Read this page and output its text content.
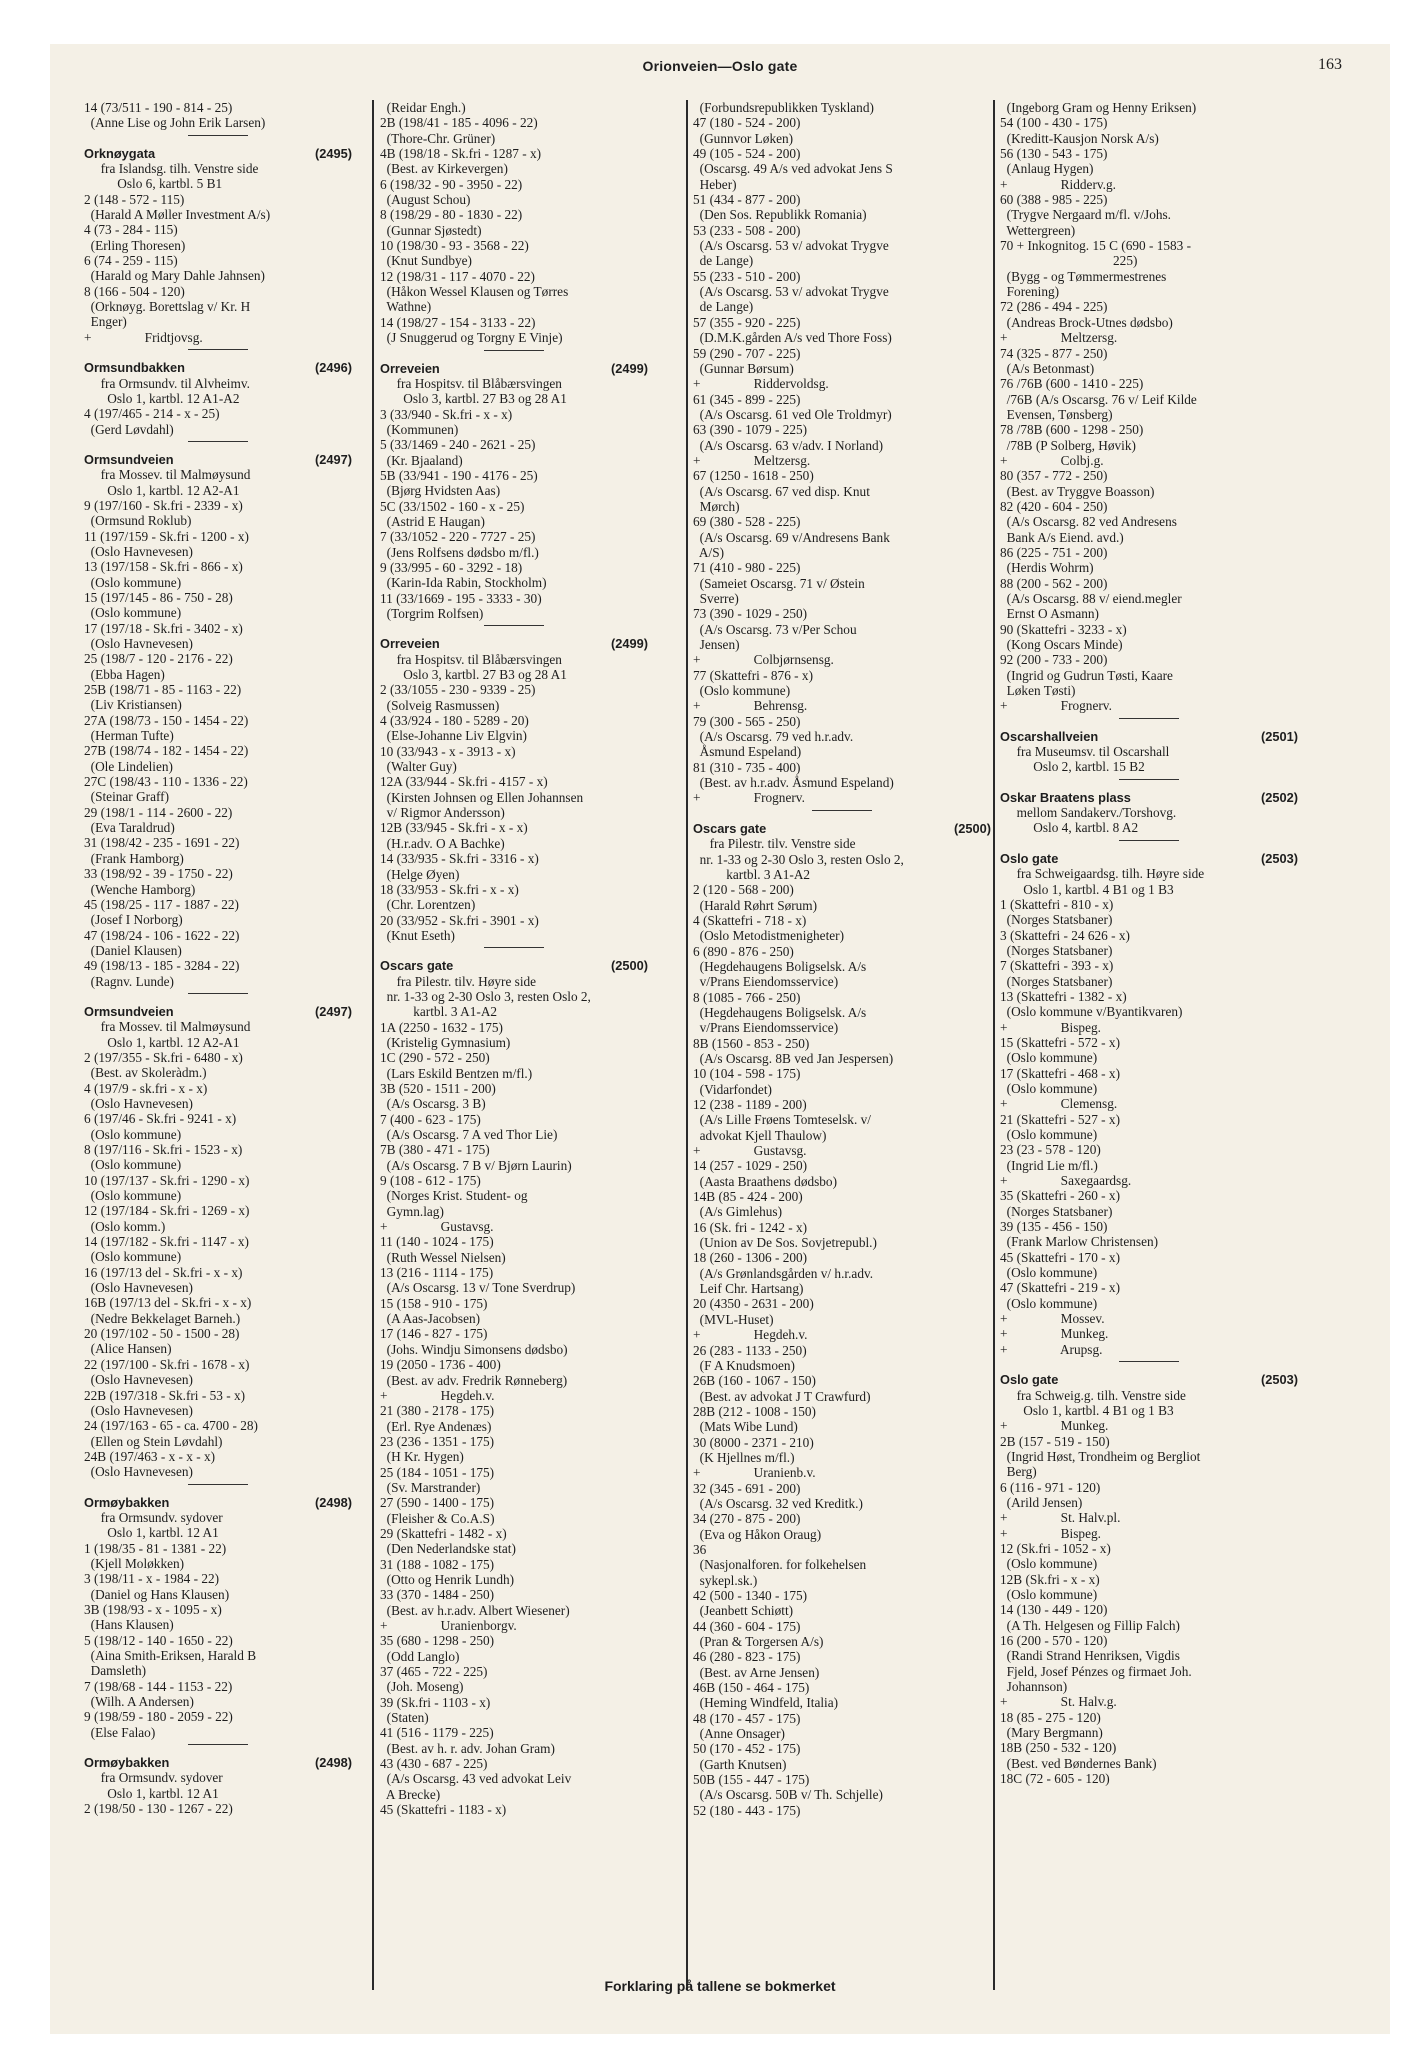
Orionveien—Oslo gate	163
14 (73/511 - 190 - 814 - 25)
(Anne Lise og John Erik Larsen)
Orknøygata	(2495)
fra Islandsg. tilh. Venstre side
Oslo 6, kartbl. 5 B1
2 (148 - 572 - 115)
(Harald A Møller Investment A/s)
4 (73 - 284 - 115)
(Erling Thoresen)
6 (74 - 259 - 115)
(Harald og Mary Dahle Jahnsen)
8 (166 - 504 - 120)
(Orknøyg. Borettslag v/ Kr. H
Enger)
+                Fridtjovsg.
Ormsundbakken	(2496)
fra Ormsundv. til Alvheimv.
Oslo 1, kartbl. 12 A1-A2
4 (197/465 - 214 - x - 25)
(Gerd Løvdahl)
Ormsundveien	(2497)
fra Mossev. til Malmøysund
Oslo 1, kartbl. 12 A2-A1
9 (197/160 - Sk.fri - 2339 - x)
(Ormsund Roklub)
11 (197/159 - Sk.fri - 1200 - x)
(Oslo Havnevesen)
13 (197/158 - Sk.fri - 866 - x)
(Oslo kommune)
15 (197/145 - 86 - 750 - 28)
(Oslo kommune)
17 (197/18 - Sk.fri - 3402 - x)
(Oslo Havnevesen)
25 (198/7 - 120 - 2176 - 22)
(Ebba Hagen)
25B (198/71 - 85 - 1163 - 22)
(Liv Kristiansen)
27A (198/73 - 150 - 1454 - 22)
(Herman Tufte)
27B (198/74 - 182 - 1454 - 22)
(Ole Lindelien)
27C (198/43 - 110 - 1336 - 22)
(Steinar Graff)
29 (198/1 - 114 - 2600 - 22)
(Eva Taraldrud)
31 (198/42 - 235 - 1691 - 22)
(Frank Hamborg)
33 (198/92 - 39 - 1750 - 22)
(Wenche Hamborg)
45 (198/25 - 117 - 1887 - 22)
(Josef I Norborg)
47 (198/24 - 106 - 1622 - 22)
(Daniel Klausen)
49 (198/13 - 185 - 3284 - 22)
(Ragnv. Lunde)
Ormsundveien	(2497)
fra Mossev. til Malmøysund
Oslo 1, kartbl. 12 A2-A1
2 (197/355 - Sk.fri - 6480 - x)
(Best. av Skoleràdm.)
4 (197/9 - sk.fri - x - x)
(Oslo Havnevesen)
6 (197/46 - Sk.fri - 9241 - x)
(Oslo kommune)
8 (197/116 - Sk.fri - 1523 - x)
(Oslo kommune)
10 (197/137 - Sk.fri - 1290 - x)
(Oslo kommune)
12 (197/184 - Sk.fri - 1269 - x)
(Oslo komm.)
14 (197/182 - Sk.fri - 1147 - x)
(Oslo kommune)
16 (197/13 del - Sk.fri - x - x)
(Oslo Havnevesen)
16B (197/13 del - Sk.fri - x - x)
(Nedre Bekkelaget Barneh.)
20 (197/102 - 50 - 1500 - 28)
(Alice Hansen)
22 (197/100 - Sk.fri - 1678 - x)
(Oslo Havnevesen)
22B (197/318 - Sk.fri - 53 - x)
(Oslo Havnevesen)
24 (197/163 - 65 - ca. 4700 - 28)
(Ellen og Stein Løvdahl)
24B (197/463 - x - x - x)
(Oslo Havnevesen)
Ormøybakken	(2498)
fra Ormsundv. sydover
Oslo 1, kartbl. 12 A1
1 (198/35 - 81 - 1381 - 22)
(Kjell Moløkken)
3 (198/11 - x - 1984 - 22)
(Daniel og Hans Klausen)
3B (198/93 - x - 1095 - x)
(Hans Klausen)
5 (198/12 - 140 - 1650 - 22)
(Aina Smith-Eriksen, Harald B
Damsleth)
7 (198/68 - 144 - 1153 - 22)
(Wilh. A Andersen)
9 (198/59 - 180 - 2059 - 22)
(Else Falao)
Ormøybakken	(2498)
fra Ormsundv. sydover
Oslo 1, kartbl. 12 A1
2 (198/50 - 130 - 1267 - 22)
(Reidar Engh.)
2B (198/41 - 185 - 4096 - 22)
(Thore-Chr. Grüner)
4B (198/18 - Sk.fri - 1287 - x)
(Best. av Kirkevergen)
6 (198/32 - 90 - 3950 - 22)
(August Schou)
8 (198/29 - 80 - 1830 - 22)
(Gunnar Sjøstedt)
10 (198/30 - 93 - 3568 - 22)
(Knut Sundbye)
12 (198/31 - 117 - 4070 - 22)
(Håkon Wessel Klausen og Tørres
Wathne)
14 (198/27 - 154 - 3133 - 22)
(J Snuggerud og Torgny E Vinje)
Orreveien	(2499)
fra Hospitsv. til Blåbærsvingen
Oslo 3, kartbl. 27 B3 og 28 A1
3 (33/940 - Sk.fri - x - x)
(Kommunen)
5 (33/1469 - 240 - 2621 - 25)
(Kr. Bjaaland)
5B (33/941 - 190 - 4176 - 25)
(Bjørg Hvidsten Aas)
5C (33/1502 - 160 - x - 25)
(Astrid E Haugan)
7 (33/1052 - 220 - 7727 - 25)
(Jens Rolfsens dødsbo m/fl.)
9 (33/995 - 60 - 3292 - 18)
(Karin-Ida Rabin, Stockholm)
11 (33/1669 - 195 - 3333 - 30)
(Torgrim Rolfsen)
Orreveien	(2499)
fra Hospitsv. til Blåbærsvingen
Oslo 3, kartbl. 27 B3 og 28 A1
2 (33/1055 - 230 - 9339 - 25)
(Solveig Rasmussen)
4 (33/924 - 180 - 5289 - 20)
(Else-Johanne Liv Elgvin)
10 (33/943 - x - 3913 - x)
(Walter Guy)
12A (33/944 - Sk.fri - 4157 - x)
(Kirsten Johnsen og Ellen Johannsen
v/ Rigmor Andersson)
12B (33/945 - Sk.fri - x - x)
(H.r.adv. O A Bachke)
14 (33/935 - Sk.fri - 3316 - x)
(Helge Øyen)
18 (33/953 - Sk.fri - x - x)
(Chr. Lorentzen)
20 (33/952 - Sk.fri - 3901 - x)
(Knut Eseth)
Oscars gate	(2500)
fra Pilestr. tilv. Høyre side
nr. 1-33 og 2-30 Oslo 3, resten Oslo 2,
kartbl. 3 A1-A2
1A (2250 - 1632 - 175)
(Kristelig Gymnasium)
1C (290 - 572 - 250)
(Lars Eskild Bentzen m/fl.)
3B (520 - 1511 - 200)
(A/s Oscarsg. 3 B)
7 (400 - 623 - 175)
(A/s Oscarsg. 7 A ved Thor Lie)
7B (380 - 471 - 175)
(A/s Oscarsg. 7 B v/ Bjørn Laurin)
9 (108 - 612 - 175)
(Norges Krist. Student- og
Gymn.lag)
+                Gustavsg.
11 (140 - 1024 - 175)
(Ruth Wessel Nielsen)
13 (216 - 1114 - 175)
(A/s Oscarsg. 13 v/ Tone Sverdrup)
15 (158 - 910 - 175)
(A Aas-Jacobsen)
17 (146 - 827 - 175)
(Johs. Windju Simonsens dødsbo)
19 (2050 - 1736 - 400)
(Best. av adv. Fredrik Rønneberg)
+                Hegdeh.v.
21 (380 - 2178 - 175)
(Erl. Rye Andenæs)
23 (236 - 1351 - 175)
(H Kr. Hygen)
25 (184 - 1051 - 175)
(Sv. Marstrander)
27 (590 - 1400 - 175)
(Fleisher & Co.A.S)
29 (Skattefri - 1482 - x)
(Den Nederlandske stat)
31 (188 - 1082 - 175)
(Otto og Henrik Lundh)
33 (370 - 1484 - 250)
(Best. av h.r.adv. Albert Wiesener)
+                Uranienborgv.
35 (680 - 1298 - 250)
(Odd Langlo)
37 (465 - 722 - 225)
(Joh. Moseng)
39 (Sk.fri - 1103 - x)
(Staten)
41 (516 - 1179 - 225)
(Best. av h. r. adv. Johan Gram)
43 (430 - 687 - 225)
(A/s Oscarsg. 43 ved advokat Leiv
A Brecke)
45 (Skattefri - 1183 - x)
(Forbundsrepublikken Tyskland)
47 (180 - 524 - 200)
(Gunnvor Løken)
49 (105 - 524 - 200)
(Oscarsg. 49 A/s ved advokat Jens S
Heber)
51 (434 - 877 - 200)
(Den Sos. Republikk Romania)
53 (233 - 508 - 200)
(A/s Oscarsg. 53 v/ advokat Trygve
de Lange)
55 (233 - 510 - 200)
(A/s Oscarsg. 53 v/ advokat Trygve
de Lange)
57 (355 - 920 - 225)
(D.M.K.gården A/s ved Thore Foss)
59 (290 - 707 - 225)
(Gunnar Børsum)
+                Riddervoldsg.
61 (345 - 899 - 225)
(A/s Oscarsg. 61 ved Ole Troldmyr)
63 (390 - 1079 - 225)
(A/s Oscarsg. 63 v/adv. I Norland)
+                Meltzersg.
67 (1250 - 1618 - 250)
(A/s Oscarsg. 67 ved disp. Knut
Mørch)
69 (380 - 528 - 225)
(A/s Oscarsg. 69 v/Andresens Bank
A/S)
71 (410 - 980 - 225)
(Sameiet Oscarsg. 71 v/ Østein
Sverre)
73 (390 - 1029 - 250)
(A/s Oscarsg. 73 v/Per Schou
Jensen)
+                Colbjørnsensg.
77 (Skattefri - 876 - x)
(Oslo kommune)
+                Behrensg.
79 (300 - 565 - 250)
(A/s Oscarsg. 79 ved h.r.adv.
Åsmund Espeland)
81 (310 - 735 - 400)
(Best. av h.r.adv. Åsmund Espeland)
+                Frognerv.
Oscars gate	(2500)
fra Pilestr. tilv. Venstre side
nr. 1-33 og 2-30 Oslo 3, resten Oslo 2,
kartbl. 3 A1-A2
2 (120 - 568 - 200)
(Harald Røhrt Sørum)
4 (Skattefri - 718 - x)
(Oslo Metodistmenigheter)
6 (890 - 876 - 250)
(Hegdehaugens Boligselsk. A/s
v/Prans Eiendomsservice)
8 (1085 - 766 - 250)
(Hegdehaugens Boligselsk. A/s
v/Prans Eiendomsservice)
8B (1560 - 853 - 250)
(A/s Oscarsg. 8B ved Jan Jespersen)
10 (104 - 598 - 175)
(Vidarfondet)
12 (238 - 1189 - 200)
(A/s Lille Frøens Tomteselsk. v/
advokat Kjell Thaulow)
+                Gustavsg.
14 (257 - 1029 - 250)
(Aasta Braathens dødsbo)
14B (85 - 424 - 200)
(A/s Gimlehus)
16 (Sk. fri - 1242 - x)
(Union av De Sos. Sovjetrepubl.)
18 (260 - 1306 - 200)
(A/s Grønlandsgården v/ h.r.adv.
Leif Chr. Hartsang)
20 (4350 - 2631 - 200)
(MVL-Huset)
+                Hegdeh.v.
26 (283 - 1133 - 250)
(F A Knudsmoen)
26B (160 - 1067 - 150)
(Best. av advokat J T Crawfurd)
28B (212 - 1008 - 150)
(Mats Wibe Lund)
30 (8000 - 2371 - 210)
(K Hjellnes m/fl.)
+                Uranienb.v.
32 (345 - 691 - 200)
(A/s Oscarsg. 32 ved Kreditk.)
34 (270 - 875 - 200)
(Eva og Håkon Oraug)
36
(Nasjonalforen. for folkehelsen
sykepl.sk.)
42 (500 - 1340 - 175)
(Jeanbett Schiøtt)
44 (360 - 604 - 175)
(Pran & Torgersen A/s)
46 (280 - 823 - 175)
(Best. av Arne Jensen)
46B (150 - 464 - 175)
(Heming Windfeld, Italia)
48 (170 - 457 - 175)
(Anne Onsager)
50 (170 - 452 - 175)
(Garth Knutsen)
50B (155 - 447 - 175)
(A/s Oscarsg. 50B v/ Th. Schjelle)
52 (180 - 443 - 175)
(Ingeborg Gram og Henny Eriksen)
54 (100 - 430 - 175)
(Kreditt-Kausjon Norsk A/s)
56 (130 - 543 - 175)
(Anlaug Hygen)
+                Ridderv.g.
60 (388 - 985 - 225)
(Trygve Nergaard m/fl. v/Johs.
Wettergreen)
70 + Inkognitog. 15 C (690 - 1583 -
225)
(Bygg - og Tømmermestrenes
Forening)
72 (286 - 494 - 225)
(Andreas Brock-Utnes dødsbo)
+                Meltzersg.
74 (325 - 877 - 250)
(A/s Betonmast)
76 /76B (600 - 1410 - 225)
/76B (A/s Oscarsg. 76 v/ Leif Kilde
Evensen, Tønsberg)
78 /78B (600 - 1298 - 250)
/78B (P Solberg, Høvik)
+                Colbj.g.
80 (357 - 772 - 250)
(Best. av Tryggve Boasson)
82 (420 - 604 - 250)
(A/s Oscarsg. 82 ved Andresens
Bank A/s Eiend. avd.)
86 (225 - 751 - 200)
(Herdis Wohrm)
88 (200 - 562 - 200)
(A/s Oscarsg. 88 v/ eiend.megler
Ernst O Asmann)
90 (Skattefri - 3233 - x)
(Kong Oscars Minde)
92 (200 - 733 - 200)
(Ingrid og Gudrun Tøsti, Kaare
Løken Tøsti)
+                Frognerv.
Oscarshallveien	(2501)
fra Museumsv. til Oscarshall
Oslo 2, kartbl. 15 B2
Oskar Braatens plass	(2502)
mellom Sandakerv./Torshovg.
Oslo 4, kartbl. 8 A2
Oslo gate	(2503)
fra Schweigaardsg. tilh. Høyre side
Oslo 1, kartbl. 4 B1 og 1 B3
1 (Skattefri - 810 - x)
(Norges Statsbaner)
3 (Skattefri - 24 626 - x)
(Norges Statsbaner)
7 (Skattefri - 393 - x)
(Norges Statsbaner)
13 (Skattefri - 1382 - x)
(Oslo kommune v/Byantikvaren)
+                Bispeg.
15 (Skattefri - 572 - x)
(Oslo kommune)
17 (Skattefri - 468 - x)
(Oslo kommune)
+                Clemensg.
21 (Skattefri - 527 - x)
(Oslo kommune)
23 (23 - 578 - 120)
(Ingrid Lie m/fl.)
+                Saxegaardsg.
35 (Skattefri - 260 - x)
(Norges Statsbaner)
39 (135 - 456 - 150)
(Frank Marlow Christensen)
45 (Skattefri - 170 - x)
(Oslo kommune)
47 (Skattefri - 219 - x)
(Oslo kommune)
+                Mossev.
+                Munkeg.
+                Arupsg.
Oslo gate	(2503)
fra Schweig.g. tilh. Venstre side
Oslo 1, kartbl. 4 B1 og 1 B3
+                Munkeg.
2B (157 - 519 - 150)
(Ingrid Høst, Trondheim og Bergliot
Berg)
6 (116 - 971 - 120)
(Arild Jensen)
+                St. Halv.pl.
+                Bispeg.
12 (Sk.fri - 1052 - x)
(Oslo kommune)
12B (Sk.fri - x - x)
(Oslo kommune)
14 (130 - 449 - 120)
(A Th. Helgesen og Fillip Falch)
16 (200 - 570 - 120)
(Randi Strand Henriksen, Vigdis
Fjeld, Josef Pénzes og firmaet Joh.
Johannson)
+                St. Halv.g.
18 (85 - 275 - 120)
(Mary Bergmann)
18B (250 - 532 - 120)
(Best. ved Bøndernes Bank)
18C (72 - 605 - 120)
Forklaring på tallene se bokmerket
